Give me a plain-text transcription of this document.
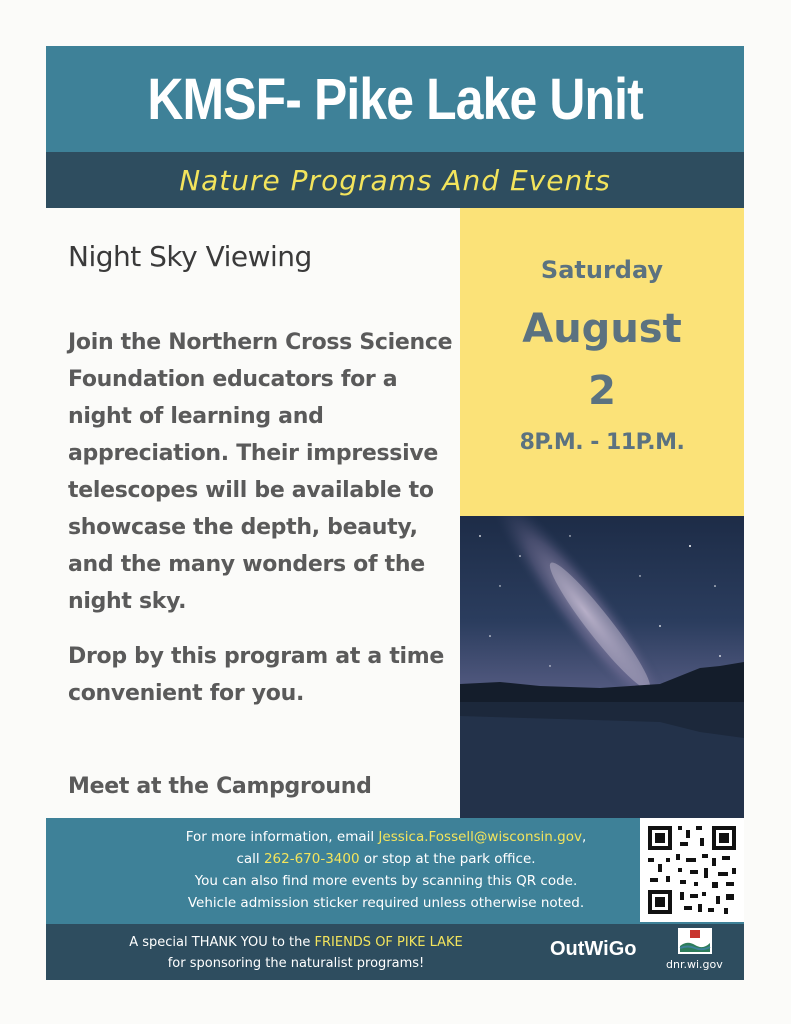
KMSF- Pike Lake Unit
Nature Programs And Events
Night Sky Viewing
Join the Northern Cross Science Foundation educators for a night of learning and appreciation. Their impressive telescopes will be available to showcase the depth, beauty, and the many wonders of the night sky.
Drop by this program at a time convenient for you.
Meet at the Campground
Saturday
August
2
8P.M. - 11P.M.
For more information, email Jessica.Fossell@wisconsin.gov,
call 262-670-3400 or stop at the park office.
You can also find more events by scanning this QR code.
Vehicle admission sticker required unless otherwise noted.
A special THANK YOU to the FRIENDS OF PIKE LAKE
for sponsoring the naturalist programs!
OutWiGo
dnr.wi.gov
